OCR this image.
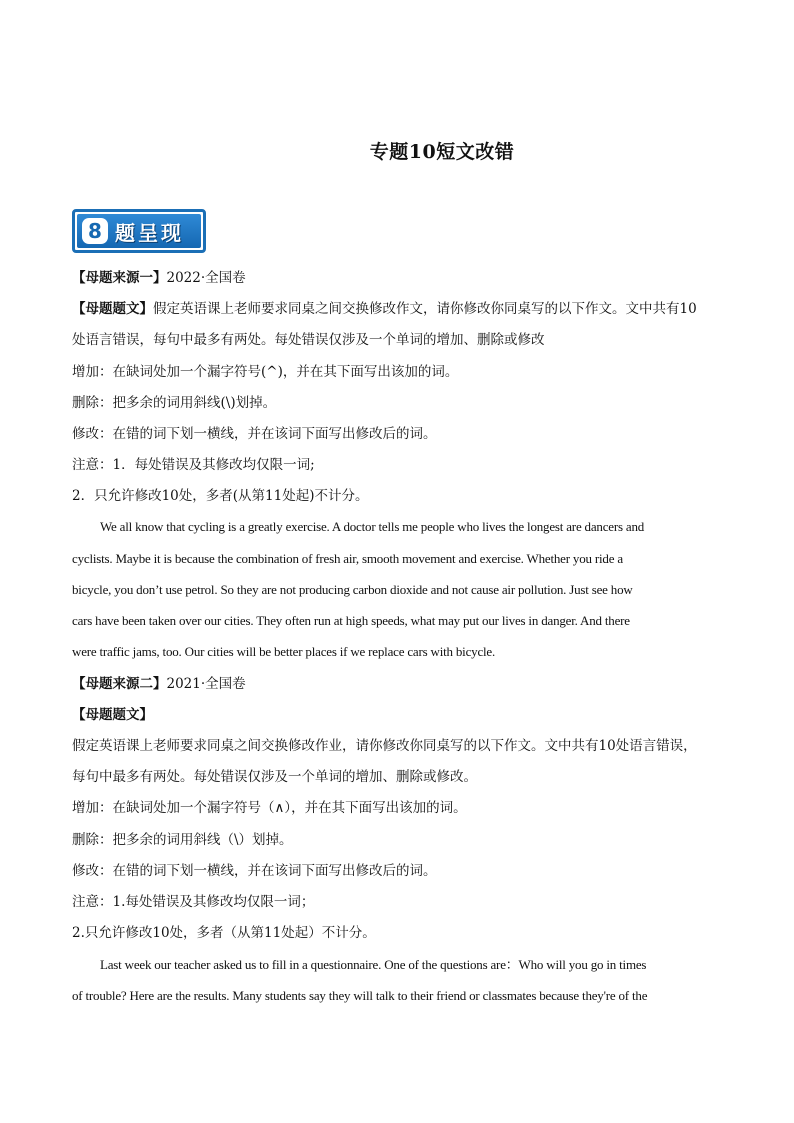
专题10短文改错
8 题呈现
【母题来源一】2022·全国卷
【母题题文】假定英语课上老师要求同桌之间交换修改作文，请你修改你同桌写的以下作文。文中共有10
处语言错误，每句中最多有两处。每处错误仅涉及一个单词的增加、删除或修改
增加：在缺词处加一个漏字符号(^)，并在其下面写出该加的词。
删除：把多余的词用斜线(\)划掉。
修改：在错的词下划一横线，并在该词下面写出修改后的词。
注意：1．每处错误及其修改均仅限一词;
2．只允许修改10处，多者(从第11处起)不计分。
We all know that cycling is a greatly exercise. A doctor tells me people who lives the longest are dancers and
cyclists. Maybe it is because the combination of fresh air, smooth movement and exercise. Whether you ride a
bicycle, you don’t use petrol. So they are not producing carbon dioxide and not cause air pollution. Just see how
cars have been taken over our cities. They often run at high speeds, what may put our lives in danger. And there
were traffic jams, too. Our cities will be better places if we replace cars with bicycle.
【母题来源二】2021·全国卷
【母题题文】
假定英语课上老师要求同桌之间交换修改作业，请你修改你同桌写的以下作文。文中共有10处语言错误，
每句中最多有两处。每处错误仅涉及一个单词的增加、删除或修改。
增加：在缺词处加一个漏字符号（∧），并在其下面写出该加的词。
删除：把多余的词用斜线（\）划掉。
修改：在错的词下划一横线，并在该词下面写出修改后的词。
注意：1.每处错误及其修改均仅限一词；
2.只允许修改10处，多者（从第11处起）不计分。
Last week our teacher asked us to fill in a questionnaire. One of the questions are：Who will you go in times
of trouble? Here are the results. Many students say they will talk to their friend or classmates because they're of the
